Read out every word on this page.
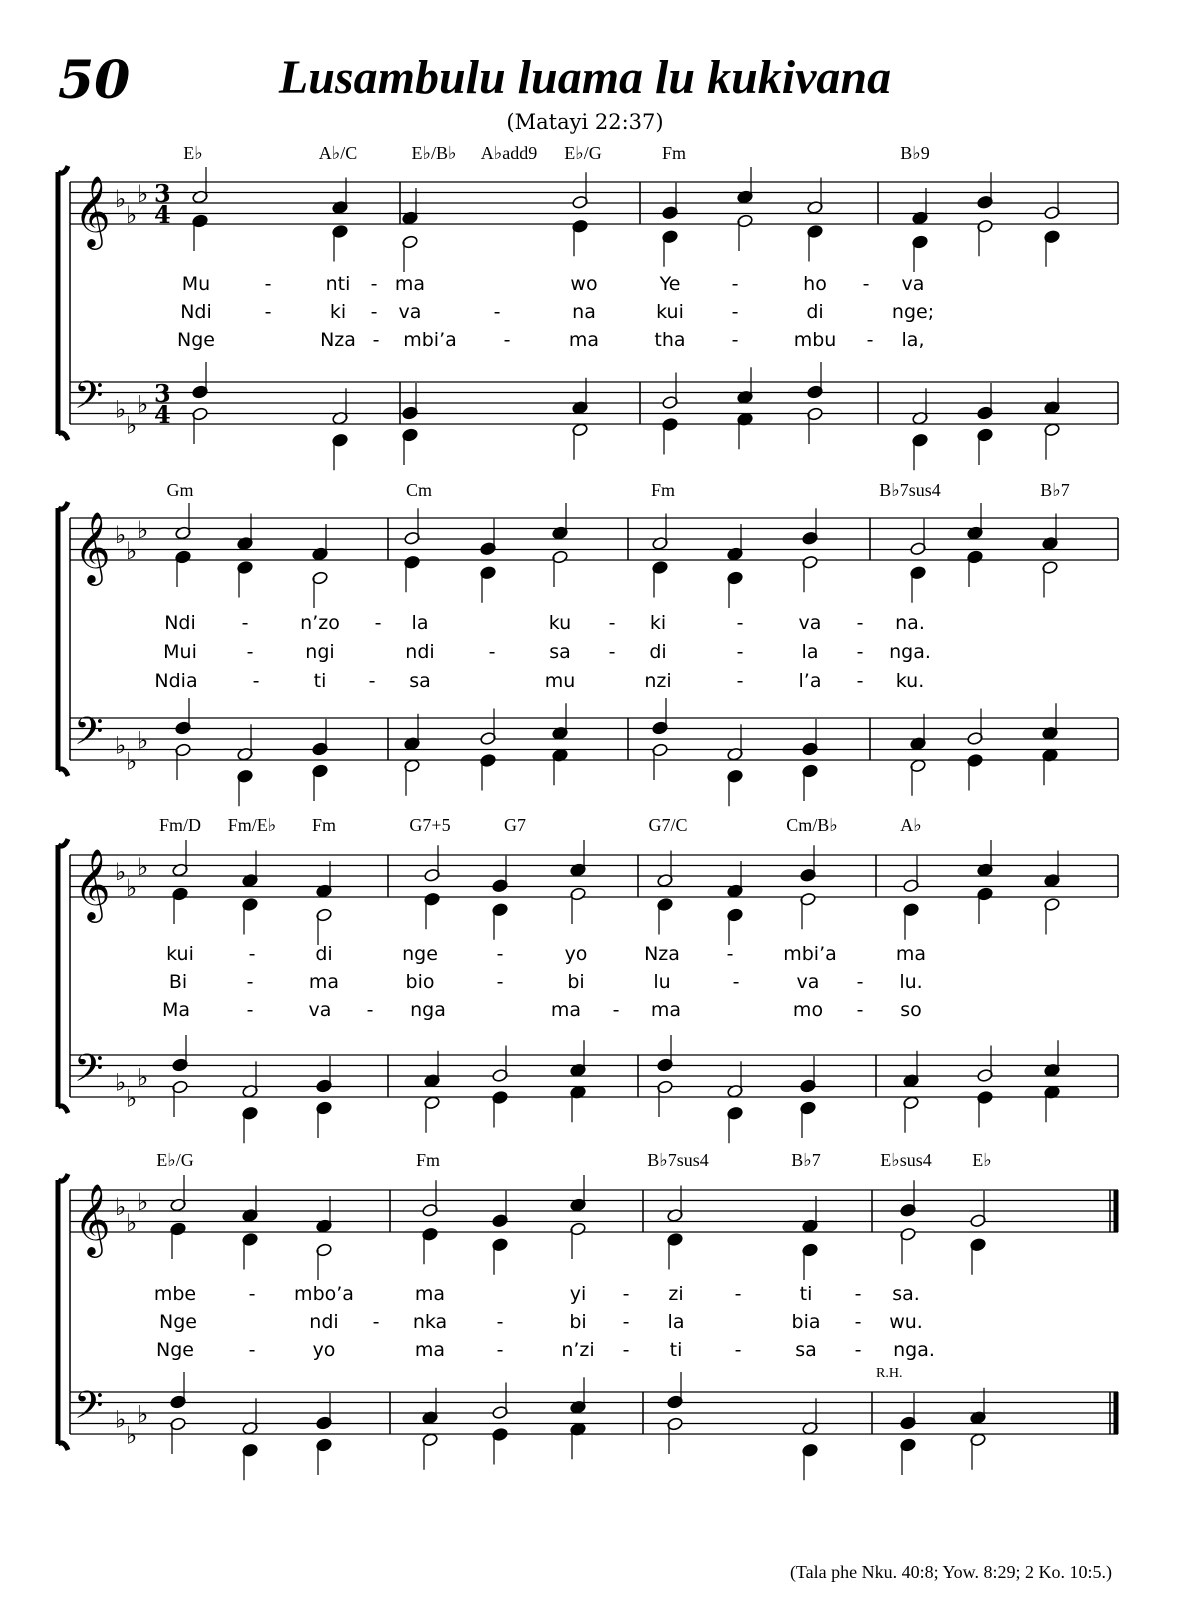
50	Lusambulu luama lu kukivana
(Matayi 22:37)
E♭	A♭/C	E♭/B♭ A♭add9 E♭/G	Fm	B♭9
Mu	-	nti - ma	wo	Ye	-	ho - va
Ndi	-	ki - va	-	na	kui	-	di	nge;
Nge	Nza - mbi’a -	ma	tha -	mbu - la,
Gm	Cm	Fm	B♭7sus4	B♭7
Ndi -	n’zo - la	ku - ki	-	va - na.
Mui	-	ngi	ndi	-	sa - di	-	la - nga.
Ndia	-	ti - sa	mu	nzi	-	l’a - ku.
Fm/D Fm/E♭ Fm	G7+5	G7	G7/C	Cm/B♭	A♭
kui	-	di	nge	-	yo	Nza -	mbi’a	ma
Bi	-	ma	bio	-	bi	lu	-	va - lu.
Ma	-	va - nga	ma - ma	mo - so
E♭/G	Fm	B♭7sus4	B♭7	E♭sus4 E♭
mbe	- mbo’a	ma	yi - zi	-	ti - sa.
Nge	ndi - nka	-	bi - la	bia - wu.
Nge	-	yo	ma	-	n’zi - ti	-	sa - nga.
R.H.
𝄞 ♭
♭
♭ 3
4
𝄢 ♭
♭
♭ 3
4
𝄞 ♭
♭
♭
𝄢 ♭
♭
♭
𝄞 ♭
♭
♭
𝄢 ♭
♭
♭
𝄞 ♭
♭
♭
𝄢 ♭
♭
♭
(Tala phe Nku. 40:8; Yow. 8:29; 2 Ko. 10:5.)
